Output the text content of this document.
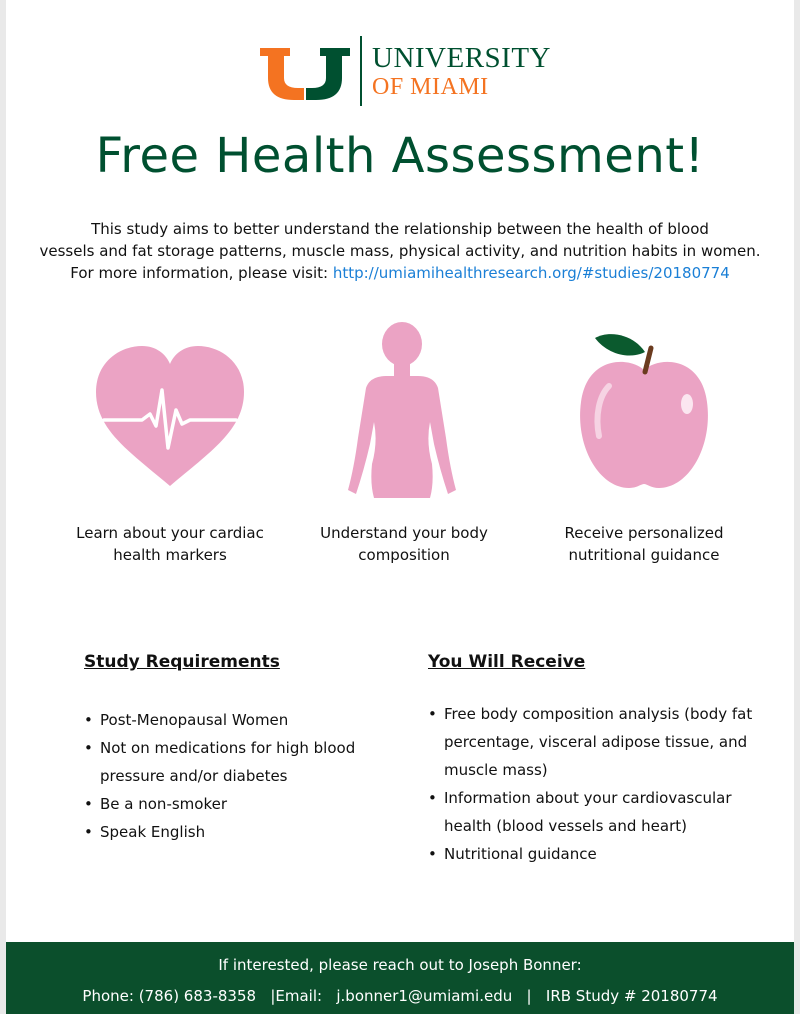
UNIVERSITY
OF MIAMI
Free Health Assessment!
This study aims to better understand the relationship between the health of blood
vessels and fat storage patterns, muscle mass, physical activity, and nutrition habits in women.
For more information, please visit: http://umiamihealthresearch.org/#studies/20180774
Learn about your cardiac health markers
Understand your body composition
Receive personalized nutritional guidance
Study Requirements	You Will Receive
• Post-Menopausal Women
• Not on medications for high blood pressure and/or diabetes
• Be a non-smoker
• Speak English
• Free body composition analysis (body fat percentage, visceral adipose tissue, and muscle mass)
• Information about your cardiovascular health (blood vessels and heart)
• Nutritional guidance
If interested, please reach out to Joseph Bonner:
Phone: (786) 683-8358   |Email:   j.bonner1@umiami.edu   |   IRB Study # 20180774
